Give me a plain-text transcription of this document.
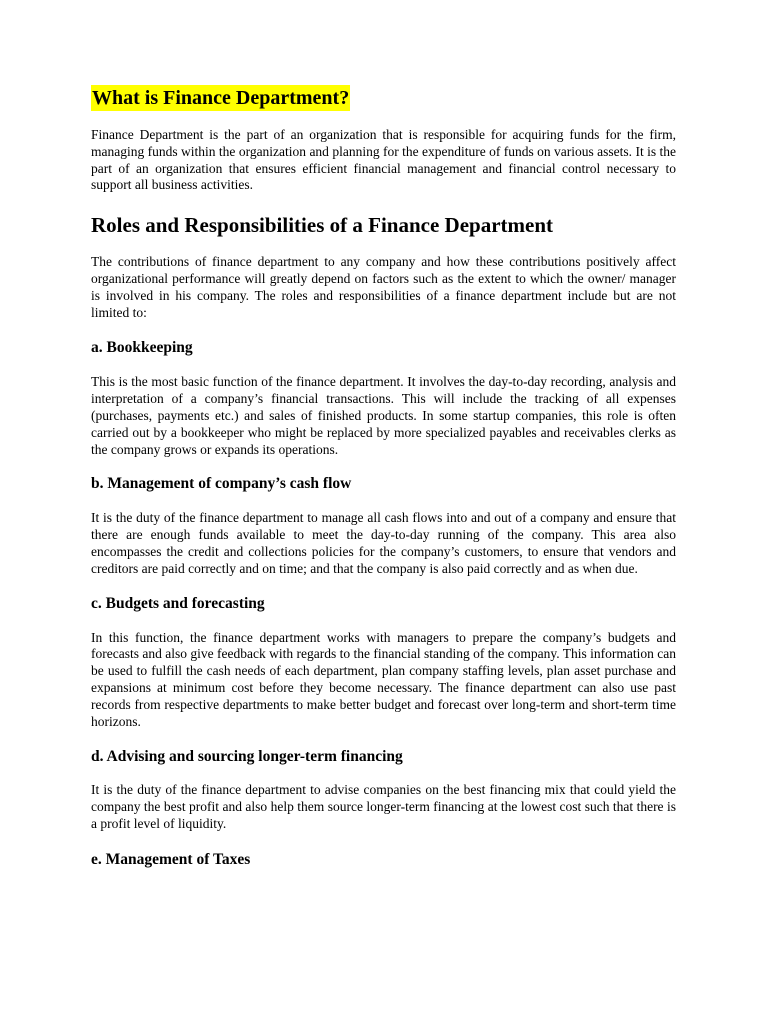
What is Finance Department?

Finance Department is the part of an organization that is responsible for acquiring funds for the firm, managing funds within the organization and planning for the expenditure of funds on various assets. It is the part of an organization that ensures efficient financial management and financial control necessary to support all business activities.

Roles and Responsibilities of a Finance Department

The contributions of finance department to any company and how these contributions positively affect organizational performance will greatly depend on factors such as the extent to which the owner/ manager is involved in his company. The roles and responsibilities of a finance department include but are not limited to:

a. Bookkeeping

This is the most basic function of the finance department. It involves the day-to-day recording, analysis and interpretation of a company’s financial transactions. This will include the tracking of all expenses (purchases, payments etc.) and sales of finished products. In some startup companies, this role is often carried out by a bookkeeper who might be replaced by more specialized payables and receivables clerks as the company grows or expands its operations.

b. Management of company’s cash flow

It is the duty of the finance department to manage all cash flows into and out of a company and ensure that there are enough funds available to meet the day-to-day running of the company. This area also encompasses the credit and collections policies for the company’s customers, to ensure that vendors and creditors are paid correctly and on time; and that the company is also paid correctly and as when due.

c. Budgets and forecasting

In this function, the finance department works with managers to prepare the company’s budgets and forecasts and also give feedback with regards to the financial standing of the company. This information can be used to fulfill the cash needs of each department, plan company staffing levels, plan asset purchase and expansions at minimum cost before they become necessary. The finance department can also use past records from respective departments to make better budget and forecast over long-term and short-term time horizons.

d. Advising and sourcing longer-term financing

It is the duty of the finance department to advise companies on the best financing mix that could yield the company the best profit and also help them source longer-term financing at the lowest cost such that there is a profit level of liquidity.

e. Management of Taxes
